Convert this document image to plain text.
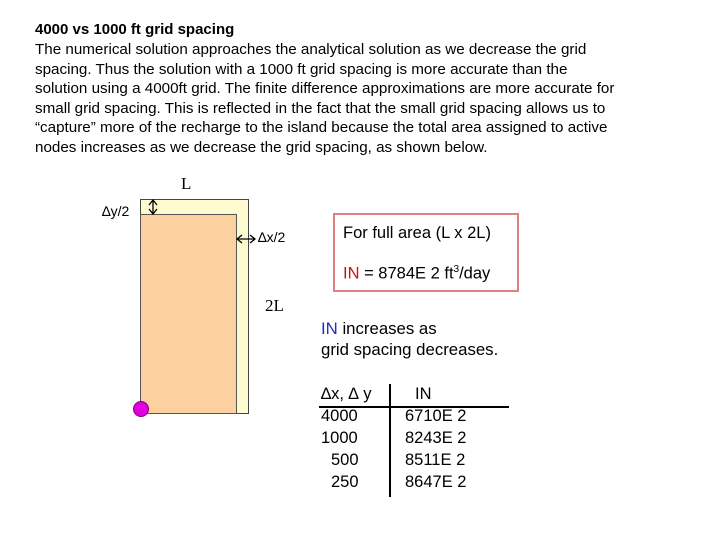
4000 vs 1000 ft grid spacing
The numerical solution approaches the analytical solution as we decrease the grid
spacing. Thus the solution with a 1000 ft grid spacing is more accurate than the
solution using a 4000ft grid. The finite difference approximations are more accurate for
small grid spacing. This is reflected in the fact that the small grid spacing allows us to
“capture” more of the recharge to the island because the total area assigned to active
nodes increases as we decrease the grid spacing, as shown below.
L
2L
∆y/2
∆x/2	For full area (L x 2L)
IN = 8784E 2 $ft^3$/day
IN increases as
grid spacing decreases.
∆x, ∆ y	IN
4000	6710E 2
1000	8243E 2
500	8511E 2
250	8647E 2
